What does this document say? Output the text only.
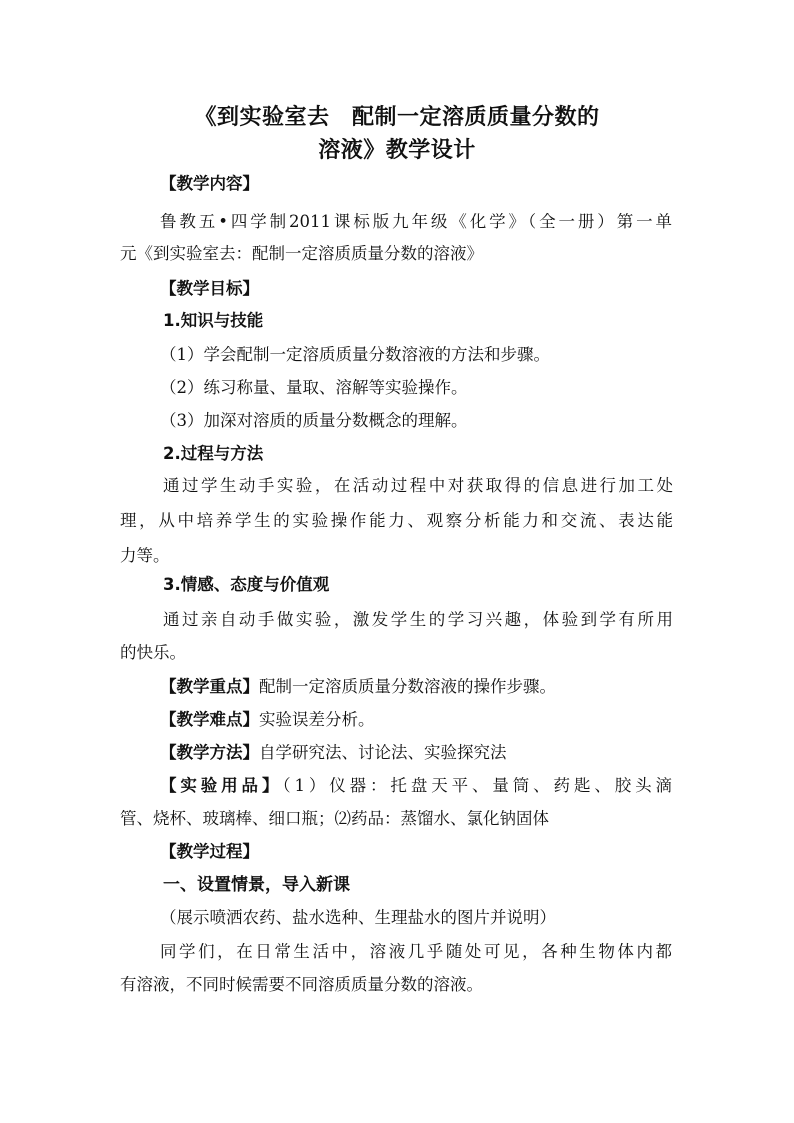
《到实验室去　配制一定溶质质量分数的
溶液》教学设计
【教学内容】
鲁教五•四学制2011课标版九年级《化学》（全一册）第一单
元《到实验室去：配制一定溶质质量分数的溶液》
【教学目标】
1.知识与技能
（1）学会配制一定溶质质量分数溶液的方法和步骤。
（2）练习称量、量取、溶解等实验操作。
（3）加深对溶质的质量分数概念的理解。
2.过程与方法
通过学生动手实验，在活动过程中对获取得的信息进行加工处
理，从中培养学生的实验操作能力、观察分析能力和交流、表达能
力等。
3.情感、态度与价值观
通过亲自动手做实验，激发学生的学习兴趣，体验到学有所用
的快乐。
【教学重点】配制一定溶质质量分数溶液的操作步骤。
【教学难点】实验误差分析。
【教学方法】自学研究法、讨论法、实验探究法
【实验用品】（1）仪器：托盘天平、量筒、药匙、胶头滴
管、烧杯、玻璃棒、细口瓶；⑵药品：蒸馏水、氯化钠固体
【教学过程】
一、设置情景，导入新课
（展示喷洒农药、盐水选种、生理盐水的图片并说明）
同学们，在日常生活中，溶液几乎随处可见，各种生物体内都
有溶液，不同时候需要不同溶质质量分数的溶液。
